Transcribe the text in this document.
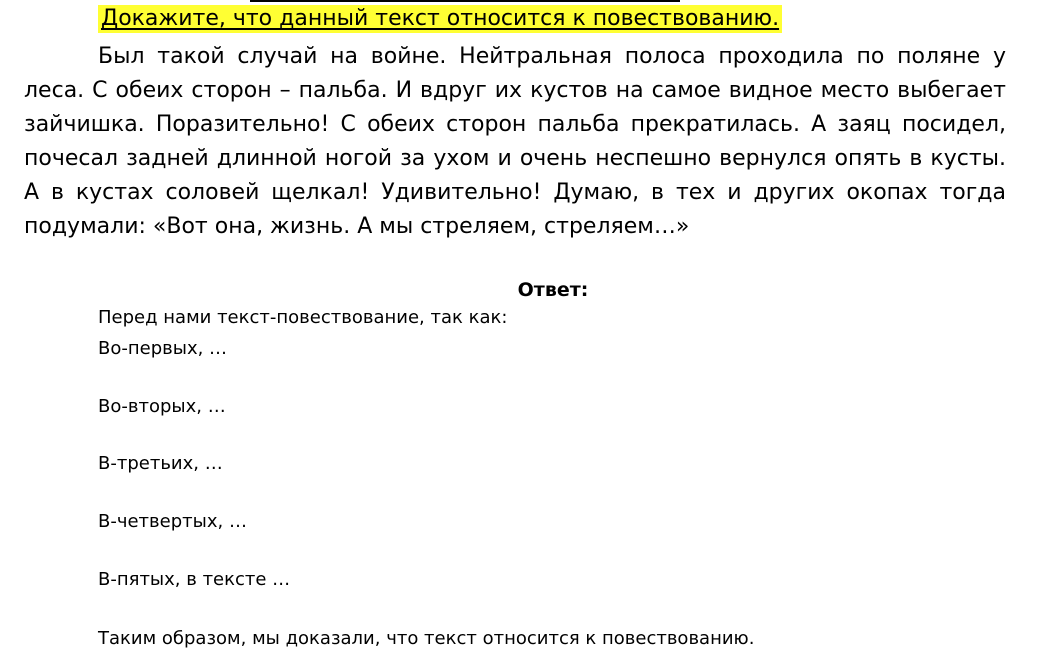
Докажите, что данный текст относится к повествованию.

Был такой случай на войне. Нейтральная полоса проходила по поляне у леса. С обеих сторон – пальба. И вдруг их кустов на самое видное место выбегает зайчишка. Поразительно! С обеих сторон пальба прекратилась. А заяц посидел, почесал задней длинной ногой за ухом и очень неспешно вернулся опять в кусты. А в кустах соловей щелкал! Удивительно! Думаю, в тех и других окопах тогда подумали: «Вот она, жизнь. А мы стреляем, стреляем…»

Ответ:
Перед нами текст-повествование, так как:
Во-первых, …
Во-вторых, …
В-третьих, …
В-четвертых, …
В-пятых, в тексте …
Таким образом, мы доказали, что текст относится к повествованию.
